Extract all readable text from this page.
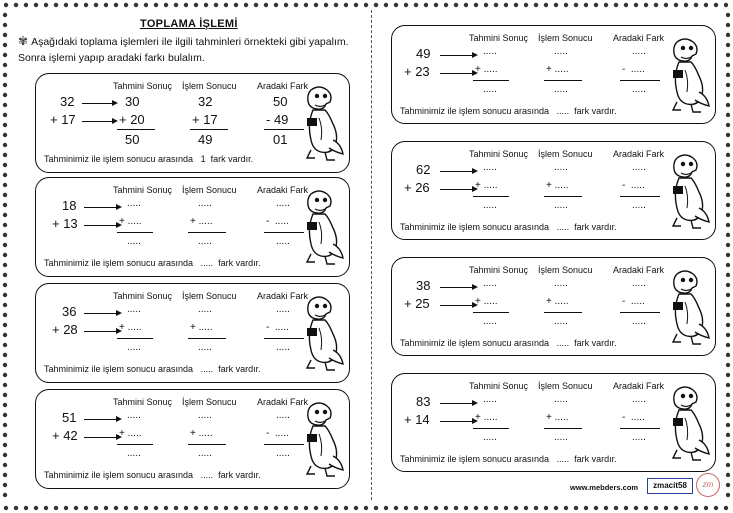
TOPLAMA İŞLEMİ
✾ Aşağıdaki toplama işlemleri ile ilgili tahminleri örnekteki gibi yapalım. Sonra işlemi yapıp aradaki farkı bulalım.
Tahmini Sonuç İşlem Sonucu Aradaki Fark
32
+ 17
30
+ 20
50
32
+ 17
49
50
- 49
01
Tahminimiz ile işlem sonucu arasında 1 fark vardır.
Tahmini Sonuç İşlem Sonucu Aradaki Fark
18
+ 13
.....
+ .....
.....
.....
+ .....
.....
.....
-  .....
.....
Tahminimiz ile işlem sonucu arasında ..... fark vardır.
Tahmini Sonuç İşlem Sonucu Aradaki Fark
36
+ 28
.....
+ .....
.....
.....
+ .....
.....
.....
-  .....
.....
Tahminimiz ile işlem sonucu arasında ..... fark vardır.
Tahmini Sonuç İşlem Sonucu Aradaki Fark
51
+ 42
.....
+ .....
.....
.....
+ .....
.....
.....
-  .....
.....
Tahminimiz ile işlem sonucu arasında ..... fark vardır.
Tahmini Sonuç İşlem Sonucu Aradaki Fark
49
+ 23
.....
+ .....
.....
.....
+ .....
.....
.....
-  .....
.....
Tahminimiz ile işlem sonucu arasında ..... fark vardır.
Tahmini Sonuç İşlem Sonucu Aradaki Fark
62
+ 26
.....
+ .....
.....
.....
+ .....
.....
.....
-  .....
.....
Tahminimiz ile işlem sonucu arasında ..... fark vardır.
Tahmini Sonuç İşlem Sonucu Aradaki Fark
38
+ 25
.....
+ .....
.....
.....
+ .....
.....
.....
-  .....
.....
Tahminimiz ile işlem sonucu arasında ..... fark vardır.
Tahmini Sonuç İşlem Sonucu Aradaki Fark
83
+ 14
.....
+ .....
.....
.....
+ .....
.....
.....
-  .....
.....
Tahminimiz ile işlem sonucu arasında ..... fark vardır.
www.mebders.com	zmacit58	zm
